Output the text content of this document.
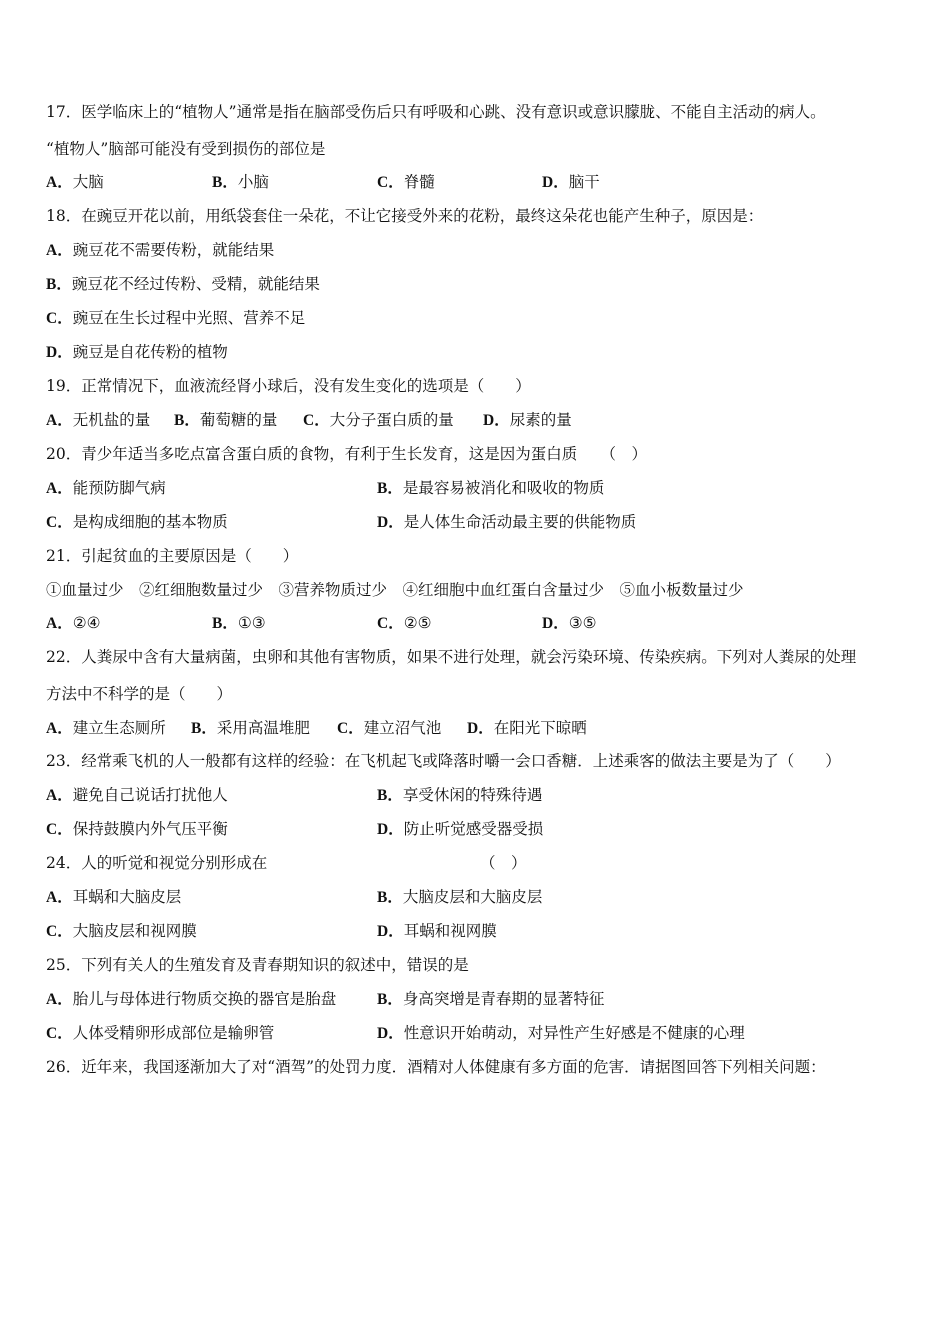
17．医学临床上的“植物人”通常是指在脑部受伤后只有呼吸和心跳、没有意识或意识朦胧、不能自主活动的病人。
“植物人”脑部可能没有受到损伤的部位是
A．大脑	B．小脑	C．脊髓	D．脑干
18．在豌豆开花以前，用纸袋套住一朵花，不让它接受外来的花粉，最终这朵花也能产生种子，原因是：
A．豌豆花不需要传粉，就能结果
B．豌豆花不经过传粉、受精，就能结果
C．豌豆在生长过程中光照、营养不足
D．豌豆是自花传粉的植物
19．正常情况下，血液流经肾小球后，没有发生变化的选项是（　　）
A．无机盐的量 B．葡萄糖的量 C．大分子蛋白质的量 D．尿素的量
20．青少年适当多吃点富含蛋白质的食物，有利于生长发育，这是因为蛋白质　　（　）
A．能预防脚气病	B．是最容易被消化和吸收的物质
C．是构成细胞的基本物质	D．是人体生命活动最主要的供能物质
21．引起贫血的主要原因是（　　）
①血量过少　②红细胞数量过少　③营养物质过少　④红细胞中血红蛋白含量过少　⑤血小板数量过少
A．②④	B．①③	C．②⑤	D．③⑤
22．人粪尿中含有大量病菌，虫卵和其他有害物质，如果不进行处理，就会污染环境、传染疾病。下列对人粪尿的处理
方法中不科学的是（　　）
A．建立生态厕所 B．采用高温堆肥 C．建立沼气池 D．在阳光下晾晒
23．经常乘飞机的人一般都有这样的经验：在飞机起飞或降落时嚼一会口香糖．上述乘客的做法主要是为了（　　）
A．避免自己说话打扰他人	B．享受休闲的特殊待遇
C．保持鼓膜内外气压平衡	D．防止听觉感受器受损
24．人的听觉和视觉分别形成在	（　）
A．耳蜗和大脑皮层	B．大脑皮层和大脑皮层
C．大脑皮层和视网膜	D．耳蜗和视网膜
25．下列有关人的生殖发育及青春期知识的叙述中，错误的是
A．胎儿与母体进行物质交换的器官是胎盘	B．身高突增是青春期的显著特征
C．人体受精卵形成部位是输卵管	D．性意识开始萌动，对异性产生好感是不健康的心理
26．近年来，我国逐渐加大了对“酒驾”的处罚力度．酒精对人体健康有多方面的危害．请据图回答下列相关问题：
